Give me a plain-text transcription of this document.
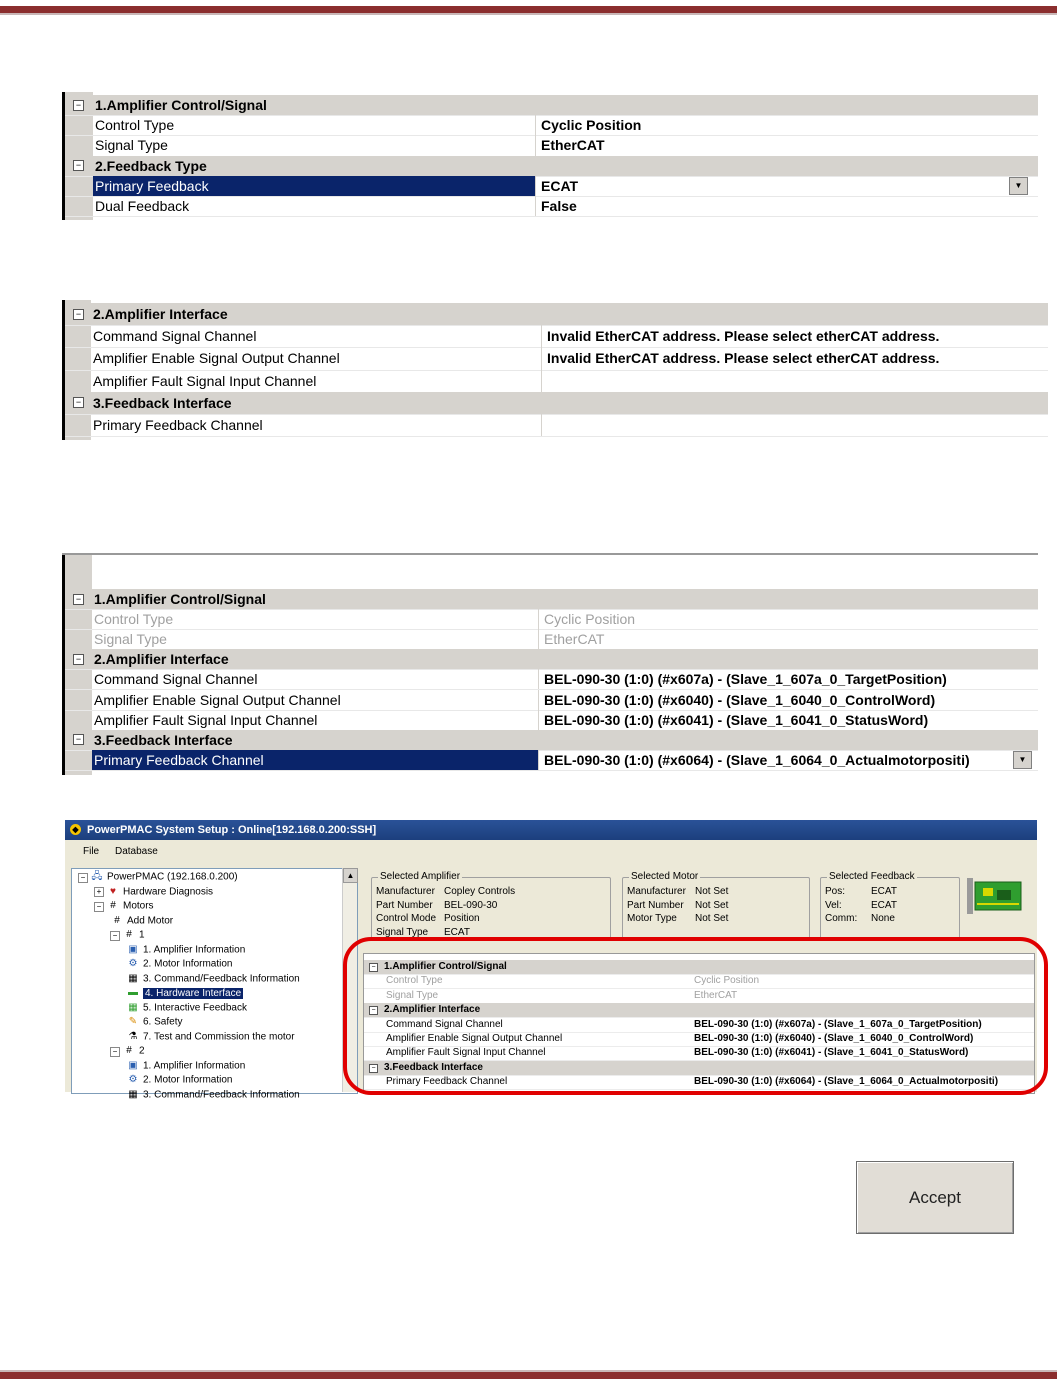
− 1.Amplifier Control/Signal
Control Type	Cyclic Position
Signal Type	EtherCAT
− 2.Feedback Type
▼
Primary Feedback	ECAT
Dual Feedback	False
− 2.Amplifier Interface
Command Signal Channel	Invalid EtherCAT address. Please select etherCAT address.
Amplifier Enable Signal Output Channel	Invalid EtherCAT address. Please select etherCAT address.
Amplifier Fault Signal Input Channel
− 3.Feedback Interface
Primary Feedback Channel
− 1.Amplifier Control/Signal
Control Type	Cyclic Position
Signal Type	EtherCAT
− 2.Amplifier Interface
Command Signal Channel	BEL-090-30 (1:0) (#x607a) - (Slave_1_607a_0_TargetPosition)
Amplifier Enable Signal Output Channel	BEL-090-30 (1:0) (#x6040) - (Slave_1_6040_0_ControlWord)
Amplifier Fault Signal Input Channel	BEL-090-30 (1:0) (#x6041) - (Slave_1_6041_0_StatusWord)
− 3.Feedback Interface
▼
Primary Feedback Channel	BEL-090-30 (1:0) (#x6064) - (Slave_1_6064_0_Actualmotorpositi)
◆ PowerPMAC System Setup : Online[192.168.0.200:SSH]
File Database
− 🖧 PowerPMAC (192.168.0.200)
+ ♥ Hardware Diagnosis
− # Motors
# Add Motor
− # 1
▣ 1. Amplifier Information
⚙ 2. Motor Information
▦ 3. Command/Feedback Information
▬ 4. Hardware Interface
▦ 5. Interactive Feedback
✎ 6. Safety
⚗ 7. Test and Commission the motor
− # 2
▣ 1. Amplifier Information
⚙ 2. Motor Information
▦ 3. Command/Feedback Information
▲	Selected Amplifier
Manufacturer Copley Controls
Part Number BEL-090-30
Control Mode Position
Signal Type ECAT
Selected Motor
Manufacturer Not Set
Part Number Not Set
Motor Type Not Set
Selected Feedback
Pos:	ECAT
Vel:	ECAT
Comm: None
− 1.Amplifier Control/Signal
Control Type	Cyclic Position
Signal Type	EtherCAT
− 2.Amplifier Interface
Command Signal Channel	BEL-090-30 (1:0) (#x607a) - (Slave_1_607a_0_TargetPosition)
Amplifier Enable Signal Output Channel	BEL-090-30 (1:0) (#x6040) - (Slave_1_6040_0_ControlWord)
Amplifier Fault Signal Input Channel	BEL-090-30 (1:0) (#x6041) - (Slave_1_6041_0_StatusWord)
− 3.Feedback Interface
Primary Feedback Channel	BEL-090-30 (1:0) (#x6064) - (Slave_1_6064_0_Actualmotorpositi)
Accept
